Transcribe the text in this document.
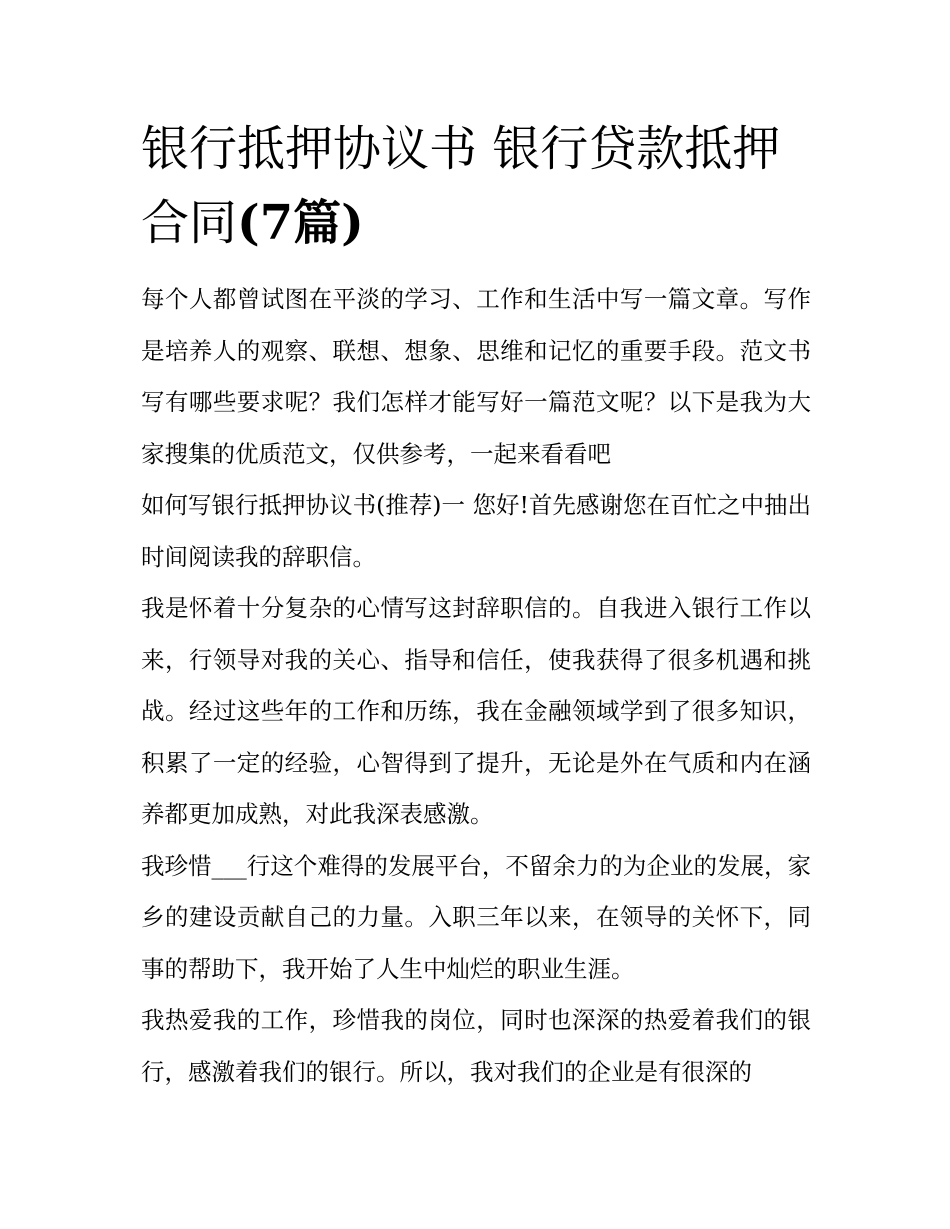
银行抵押协议书 银行贷款抵押合同(7篇)

每个人都曾试图在平淡的学习、工作和生活中写一篇文章。写作是培养人的观察、联想、想象、思维和记忆的重要手段。范文书写有哪些要求呢？我们怎样才能写好一篇范文呢？以下是我为大家搜集的优质范文，仅供参考，一起来看看吧

如何写银行抵押协议书(推荐)一 您好!首先感谢您在百忙之中抽出时间阅读我的辞职信。

我是怀着十分复杂的心情写这封辞职信的。自我进入银行工作以来，行领导对我的关心、指导和信任，使我获得了很多机遇和挑战。经过这些年的工作和历练，我在金融领域学到了很多知识，积累了一定的经验，心智得到了提升，无论是外在气质和内在涵养都更加成熟，对此我深表感激。

我珍惜___行这个难得的发展平台，不留余力的为企业的发展，家乡的建设贡献自己的力量。入职三年以来，在领导的关怀下，同事的帮助下，我开始了人生中灿烂的职业生涯。

我热爱我的工作，珍惜我的岗位，同时也深深的热爱着我们的银行，感激着我们的银行。所以，我对我们的企业是有很深的
